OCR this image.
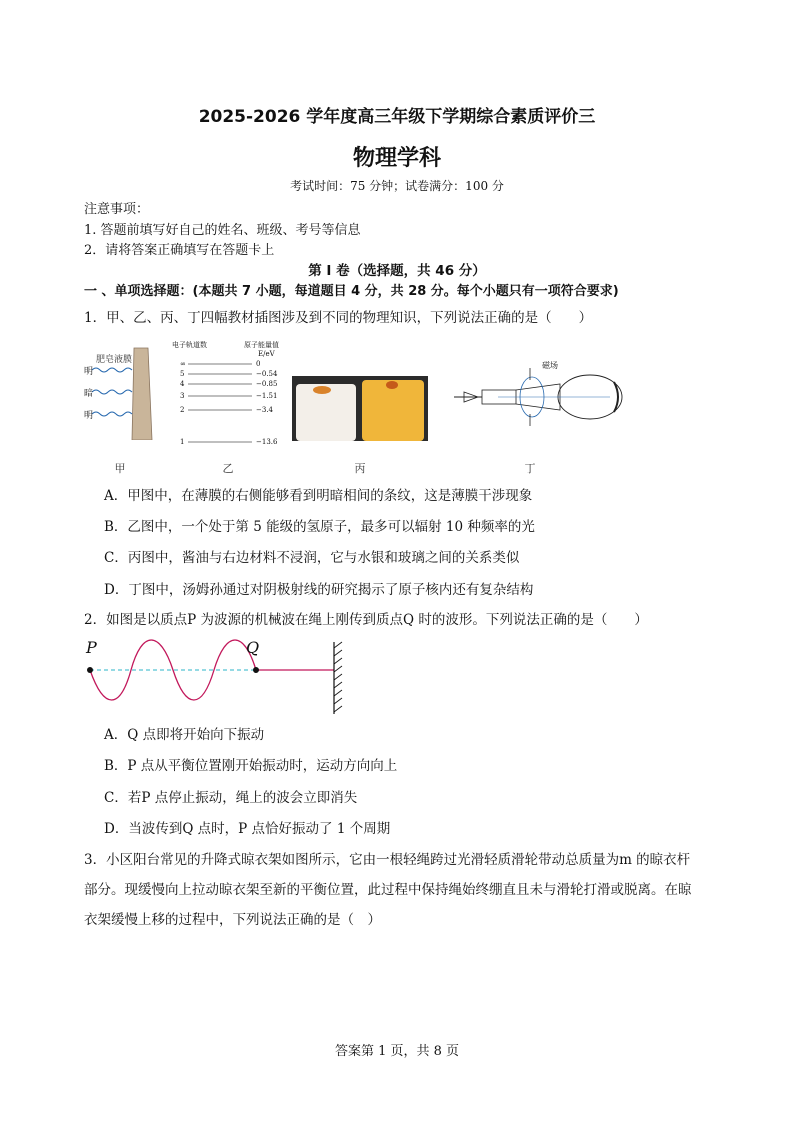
2025-2026 学年度高三年级下学期综合素质评价三
物理学科
考试时间：75 分钟；试卷满分：100 分
注意事项：
1. 答题前填写好自己的姓名、班级、考号等信息
2．请将答案正确填写在答题卡上
第 I 卷（选择题，共 46 分）
一 、单项选择题：(本题共 7 小题，每道题目 4 分，共 28 分。每个小题只有一项符合要求)
1．甲、乙、丙、丁四幅教材插图涉及到不同的物理知识，下列说法正确的是（　　）
肥皂液膜
明
暗
明
电子轨道数	原子能量值
E/eV
∞	0
5	−0.54
4	−0.85
3	−1.51
2	−3.4
1	−13.6
磁场
甲	乙	丙	丁
A．甲图中，在薄膜的右侧能够看到明暗相间的条纹，这是薄膜干涉现象
B．乙图中，一个处于第 5 能级的氢原子，最多可以辐射 10 种频率的光
C．丙图中，酱油与右边材料不浸润，它与水银和玻璃之间的关系类似
D．丁图中，汤姆孙通过对阴极射线的研究揭示了原子核内还有复杂结构
2．如图是以质点P 为波源的机械波在绳上刚传到质点Q 时的波形。下列说法正确的是（　　）
P	Q
A．Q 点即将开始向下振动
B．P 点从平衡位置刚开始振动时，运动方向向上
C．若P 点停止振动，绳上的波会立即消失
D．当波传到Q 点时，P 点恰好振动了 1 个周期
3．小区阳台常见的升降式晾衣架如图所示，它由一根轻绳跨过光滑轻质滑轮带动总质量为m 的晾衣杆
部分。现缓慢向上拉动晾衣架至新的平衡位置，此过程中保持绳始终绷直且未与滑轮打滑或脱离。在晾
衣架缓慢上移的过程中，下列说法正确的是（　）
答案第 1 页，共 8 页
